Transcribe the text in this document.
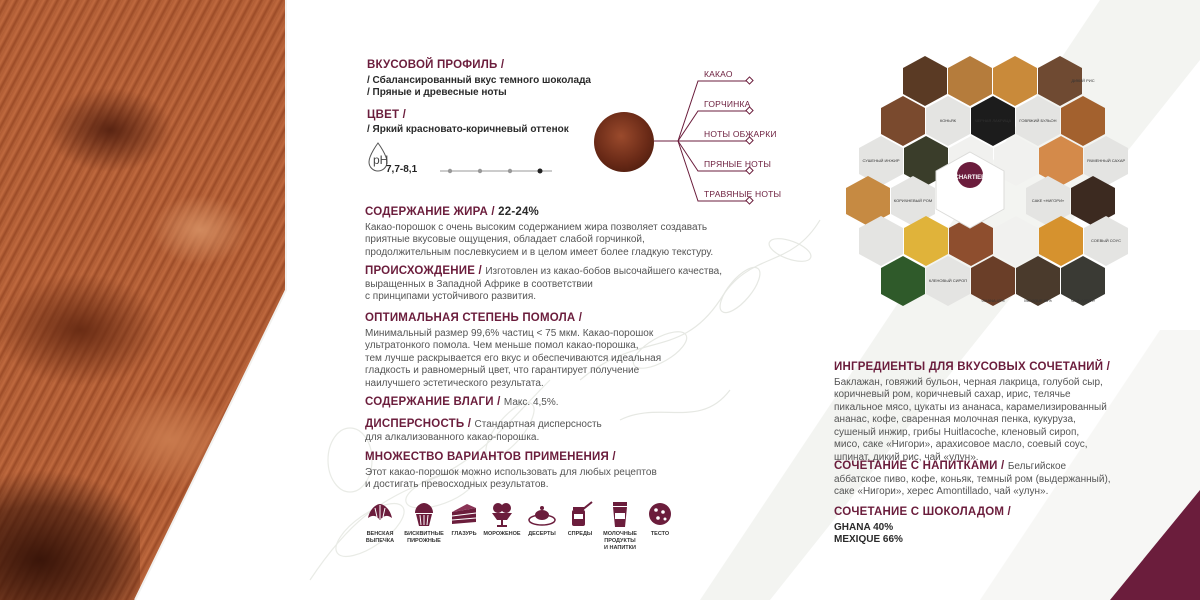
ВКУСОВОЙ ПРОФИЛЬ /
/ Сбалансированный вкус темного шоколада
/ Пряные и древесные ноты
ЦВЕТ /
/ Яркий красновато-коричневый оттенок
pH
7,7-8,1
КАКАО
ГОРЧИНКА
НОТЫ ОБЖАРКИ
ПРЯНЫЕ НОТЫ
ТРАВЯНЫЕ НОТЫ
СОДЕРЖАНИЕ ЖИРА / 22-24%
Какао-порошок с очень высоким содержанием жира позволяет создавать
приятные вкусовые ощущения, обладает слабой горчинкой,
продолжительным послевкусием и в целом имеет более гладкую текстуру.
ПРОИСХОЖДЕНИЕ / Изготовлен из какао-бобов высочайшего качества,
выращенных в Западной Африке в соответствии
с принципами устойчивого развития.
ОПТИМАЛЬНАЯ СТЕПЕНЬ ПОМОЛА /
Минимальный размер 99,6% частиц < 75 мкм. Какао-порошок
ультратонкого помола. Чем меньше помол какао-порошка,
тем лучше раскрывается его вкус и обеспечиваются идеальная
гладкость и равномерный цвет, что гарантирует получение
наилучшего эстетического результата.
СОДЕРЖАНИЕ ВЛАГИ / Макс. 4,5%.
ДИСПЕРСНОСТЬ / Стандартная дисперсность
для алкализованного какао-порошка.
МНОЖЕСТВО ВАРИАНТОВ ПРИМЕНЕНИЯ /
Этот какао-порошок можно использовать для любых рецептов
и достигать превосходных результатов.
ВЕНСКАЯ
ВЫПЕЧКА
БИСКВИТНЫЕ
ПИРОЖНЫЕ
ГЛАЗУРЬ	МОРОЖЕНОЕ	ДЕСЕРТЫ	СПРЕДЫ	МОЛОЧНЫЕ
ПРОДУКТЫ
И НАПИТКИ
ТЕСТО
CHARTIER
КОНЬЯК	ЧЕРНАЯ ЛАКРИЦА ГОВЯЖИЙ БУЛЬОН
ДИКИЙ РИС
СУШЕНЫЙ ИНЖИР
КОРИЧНЕВЫЙ РОМ	САКЕ «НИГОРИ»
ЯЧМЕННЫЙ САХАР
КЛЕНОВЫЙ СИРОП
GHANA 40%	MEXIQUE 66%	ЧАЙ «УЛУН»
СОЕВЫЙ СОУС
ИНГРЕДИЕНТЫ ДЛЯ ВКУСОВЫХ СОЧЕТАНИЙ /
Баклажан, говяжий бульон, черная лакрица, голубой сыр,
коричневый ром, коричневый сахар, ирис, телячье
пикальное мясо, цукаты из ананаса, карамелизированный
ананас, кофе, сваренная молочная пенка, кукуруза,
сушеный инжир, грибы Huitlacoche, кленовый сироп,
мисо, саке «Нигори», арахисовое масло, соевый соус,
шпинат, дикий рис, чай «улун».
СОЧЕТАНИЕ С НАПИТКАМИ / Бельгийское
аббатское пиво, кофе, коньяк, темный ром (выдержанный),
саке «Нигори», херес Amontillado, чай «улун».
СОЧЕТАНИЕ С ШОКОЛАДОМ /
GHANA 40%
MEXIQUE 66%
